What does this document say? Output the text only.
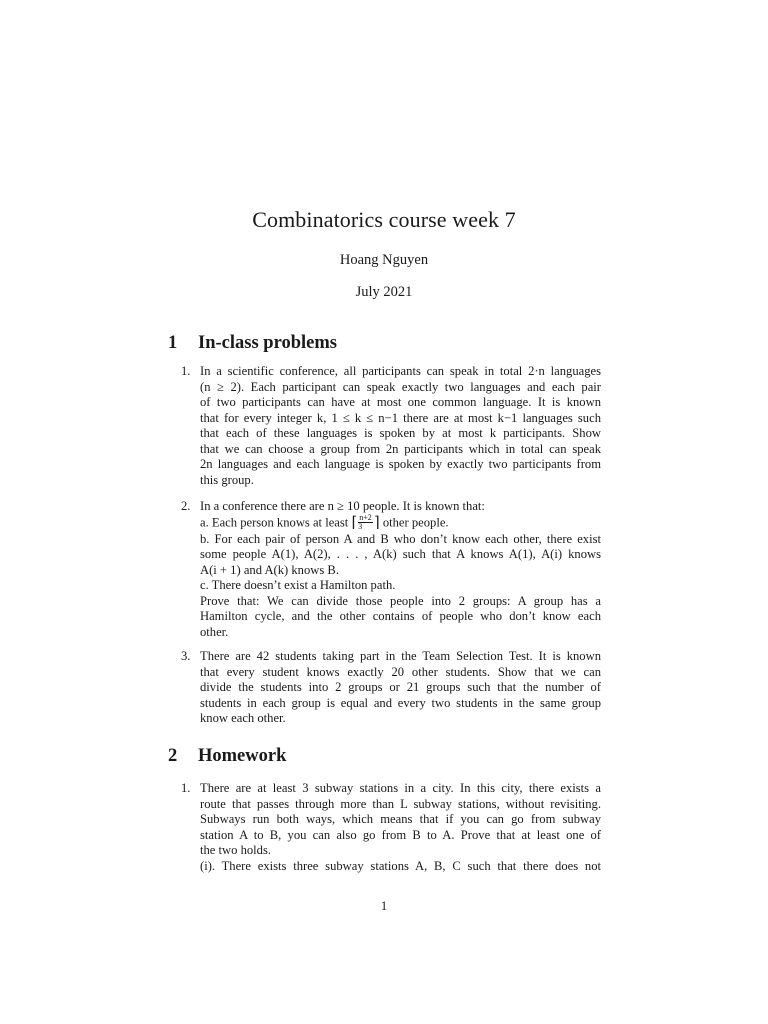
Combinatorics course week 7
Hoang Nguyen
July 2021
1 In-class problems
1. In a scientific conference, all participants can speak in total 2·n languages
(n ≥ 2). Each participant can speak exactly two languages and each pair
of two participants can have at most one common language. It is known
that for every integer k, 1 ≤ k ≤ n−1 there are at most k−1 languages such
that each of these languages is spoken by at most k participants. Show
that we can choose a group from 2n participants which in total can speak
2n languages and each language is spoken by exactly two participants from
this group.
2. In a conference there are n ≥ 10 people. It is known that:
a. Each person knows at least ⌈ $\frac{n+2}{3}$ ⌉ other people.
b. For each pair of person A and B who don’t know each other, there exist
some people A(1), A(2), . . . , A(k) such that A knows A(1), A(i) knows
A(i + 1) and A(k) knows B.
c. There doesn’t exist a Hamilton path.
Prove that: We can divide those people into 2 groups: A group has a
Hamilton cycle, and the other contains of people who don’t know each
other.
3. There are 42 students taking part in the Team Selection Test. It is known
that every student knows exactly 20 other students. Show that we can
divide the students into 2 groups or 21 groups such that the number of
students in each group is equal and every two students in the same group
know each other.
2 Homework
1. There are at least 3 subway stations in a city. In this city, there exists a
route that passes through more than L subway stations, without revisiting.
Subways run both ways, which means that if you can go from subway
station A to B, you can also go from B to A. Prove that at least one of
the two holds.
(i). There exists three subway stations A, B, C such that there does not
1
